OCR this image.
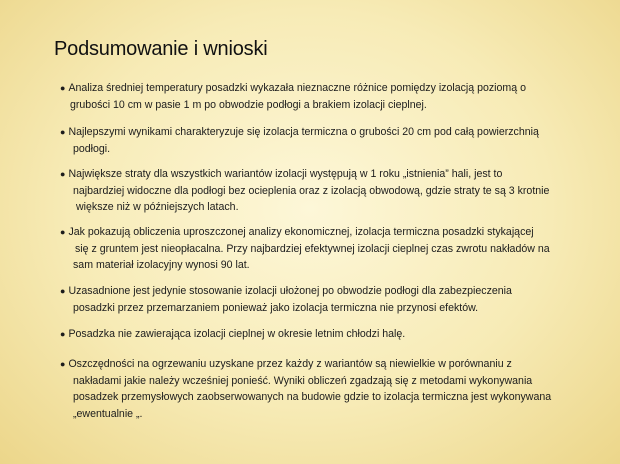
Podsumowanie i wnioski
● Analiza średniej temperatury posadzki wykazała nieznaczne różnice pomiędzy izolacją poziomą o
grubości 10 cm w pasie 1 m po obwodzie podłogi a brakiem izolacji cieplnej.
● Najlepszymi wynikami charakteryzuje się izolacja termiczna o grubości 20 cm pod całą powierzchnią
podłogi.
● Największe straty dla wszystkich wariantów izolacji występują w 1 roku „istnienia” hali, jest to
najbardziej widoczne dla podłogi bez ocieplenia oraz z izolacją obwodową, gdzie straty te są 3 krotnie
większe niż w późniejszych latach.
● Jak pokazują obliczenia uproszczonej analizy ekonomicznej, izolacja termiczna posadzki stykającej
się z gruntem jest nieopłacalna. Przy najbardziej efektywnej izolacji cieplnej czas zwrotu nakładów na
sam materiał izolacyjny wynosi 90 lat.
● Uzasadnione jest jedynie stosowanie izolacji ułożonej po obwodzie podłogi dla zabezpieczenia
posadzki przez przemarzaniem ponieważ jako izolacja termiczna nie przynosi efektów.
● Posadzka nie zawierająca izolacji cieplnej w okresie letnim chłodzi halę.
● Oszczędności na ogrzewaniu uzyskane przez każdy z wariantów są niewielkie w porównaniu z
nakładami jakie należy wcześniej ponieść. Wyniki obliczeń zgadzają się z metodami wykonywania
posadzek przemysłowych zaobserwowanych na budowie gdzie to izolacja termiczna jest wykonywana
„ewentualnie „.
